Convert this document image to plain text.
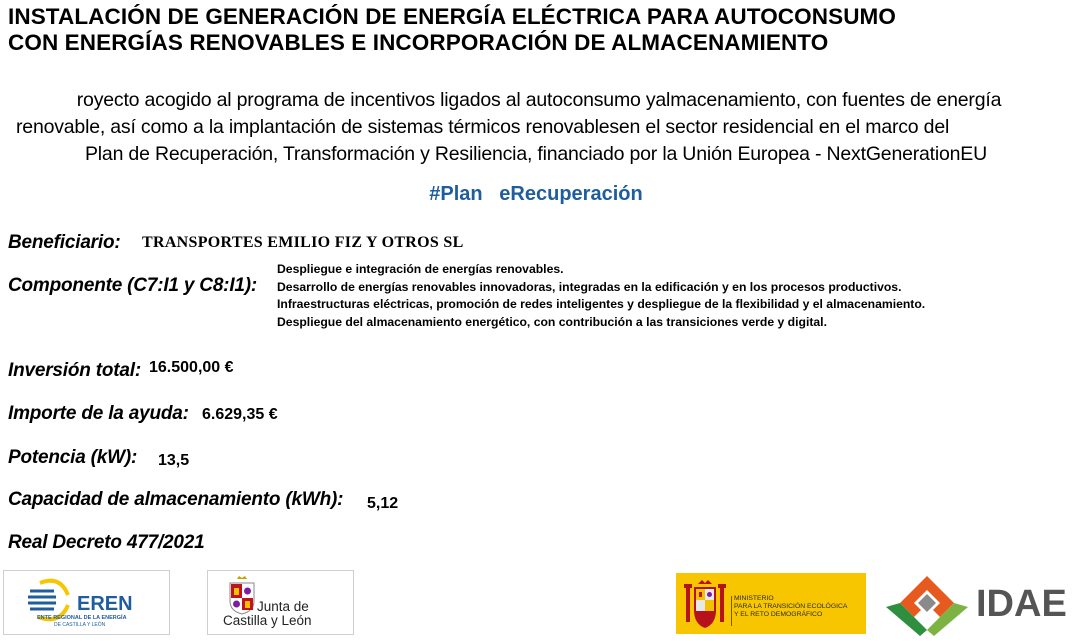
INSTALACIÓN DE GENERACIÓN DE ENERGÍA ELÉCTRICA PARA AUTOCONSUMO
CON ENERGÍAS RENOVABLES E INCORPORACIÓN DE ALMACENAMIENTO
royecto acogido al programa de incentivos ligados al autoconsumo yalmacenamiento, con fuentes de energía
renovable, así como a la implantación de sistemas térmicos renovablesen el sector residencial en el marco del
Plan de Recuperación, Transformación y Resiliencia, financiado por la Unión Europea - NextGenerationEU
#Plan   eRecuperación
Beneficiario: TRANSPORTES EMILIO FIZ Y OTROS SL
Componente (C7:I1 y C8:I1):
Despliegue e integración de energías renovables.
Desarrollo de energías renovables innovadoras, integradas en la edificación y en los procesos productivos.
Infraestructuras eléctricas, promoción de redes inteligentes y despliegue de la flexibilidad y el almacenamiento.
Despliegue del almacenamiento energético, con contribución a las transiciones verde y digital.
Inversión total: 16.500,00 €
Importe de la ayuda: 6.629,35 €
Potencia (kW): 13,5
Capacidad de almacenamiento (kWh): 5,12
Real Decreto 477/2021
EREN
ENTE REGIONAL DE LA ENERGÍA
DE CASTILLA Y LEÓN
Junta de
Castilla y León
MINISTERIO
PARA LA TRANSICIÓN ECOLÓGICA
Y EL RETO DEMOGRÁFICO	IDAE
